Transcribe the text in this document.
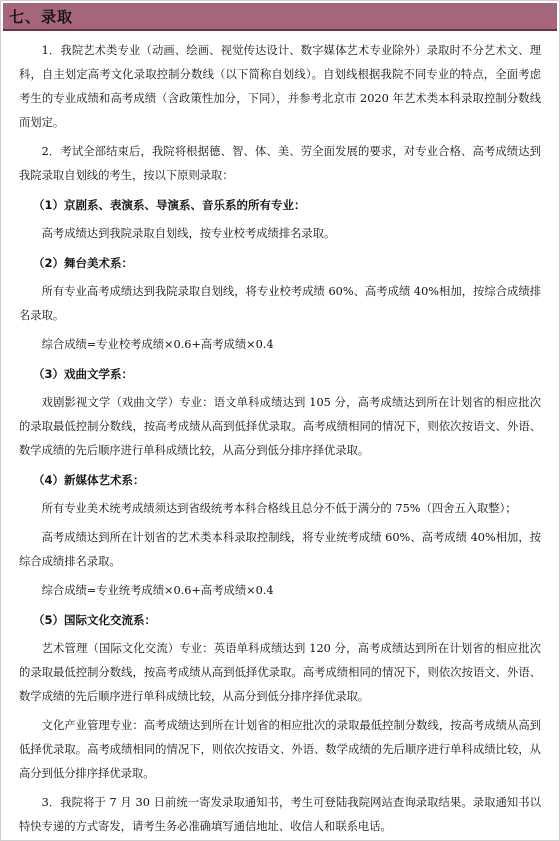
七、录取

1．我院艺术类专业（动画、绘画、视觉传达设计、数字媒体艺术专业除外）录取时不分艺术文、理科，自主划定高考文化录取控制分数线（以下简称自划线）。自划线根据我院不同专业的特点，全面考虑考生的专业成绩和高考成绩（含政策性加分，下同），并参考北京市 2020 年艺术类本科录取控制分数线而划定。

2．考试全部结束后，我院将根据德、智、体、美、劳全面发展的要求，对专业合格、高考成绩达到我院录取自划线的考生，按以下原则录取：

（1）京剧系、表演系、导演系、音乐系的所有专业：

高考成绩达到我院录取自划线，按专业校考成绩排名录取。

（2）舞台美术系：

所有专业高考成绩达到我院录取自划线，将专业校考成绩 60%、高考成绩 40%相加，按综合成绩排名录取。

综合成绩=专业校考成绩×0.6+高考成绩×0.4

（3）戏曲文学系：

戏剧影视文学（戏曲文学）专业：语文单科成绩达到 105 分，高考成绩达到所在计划省的相应批次的录取最低控制分数线，按高考成绩从高到低择优录取。高考成绩相同的情况下，则依次按语文、外语、数学成绩的先后顺序进行单科成绩比较，从高分到低分排序择优录取。

（4）新媒体艺术系：

所有专业美术统考成绩须达到省级统考本科合格线且总分不低于满分的 75%（四舍五入取整）；

高考成绩达到所在计划省的艺术类本科录取控制线，将专业统考成绩 60%、高考成绩 40%相加，按综合成绩排名录取。

综合成绩=专业统考成绩×0.6+高考成绩×0.4

（5）国际文化交流系：

艺术管理（国际文化交流）专业：英语单科成绩达到 120 分，高考成绩达到所在计划省的相应批次的录取最低控制分数线，按高考成绩从高到低择优录取。高考成绩相同的情况下，则依次按语文、外语、数学成绩的先后顺序进行单科成绩比较，从高分到低分排序择优录取。

文化产业管理专业：高考成绩达到所在计划省的相应批次的录取最低控制分数线，按高考成绩从高到低择优录取。高考成绩相同的情况下，则依次按语文、外语、数学成绩的先后顺序进行单科成绩比较，从高分到低分排序择优录取。

3．我院将于 7 月 30 日前统一寄发录取通知书，考生可登陆我院网站查询录取结果。录取通知书以特快专递的方式寄发，请考生务必准确填写通信地址、收信人和联系电话。
